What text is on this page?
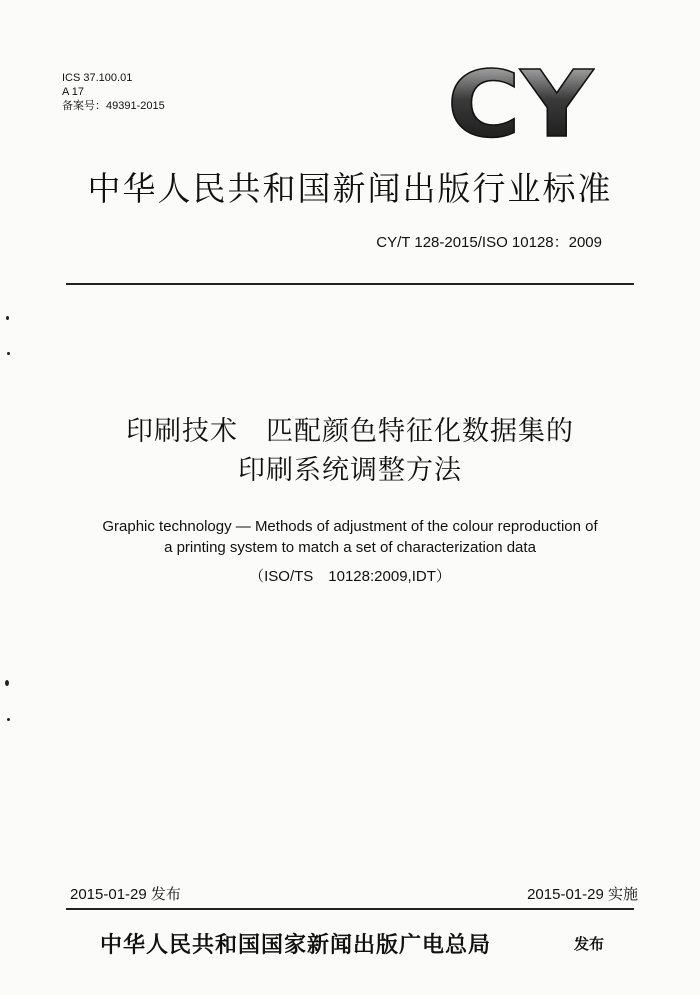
ICS 37.100.01
A 17
备案号：49391-2015	CY
中华人民共和国新闻出版行业标准
CY/T 128-2015/ISO 10128：2009
印刷技术　匹配颜色特征化数据集的
印刷系统调整方法
Graphic technology — Methods of adjustment of the colour reproduction of
a printing system to match a set of characterization data
（ISO/TS　10128:2009,IDT）
2015-01-29 发布	2015-01-29 实施
中华人民共和国国家新闻出版广电总局	发布
